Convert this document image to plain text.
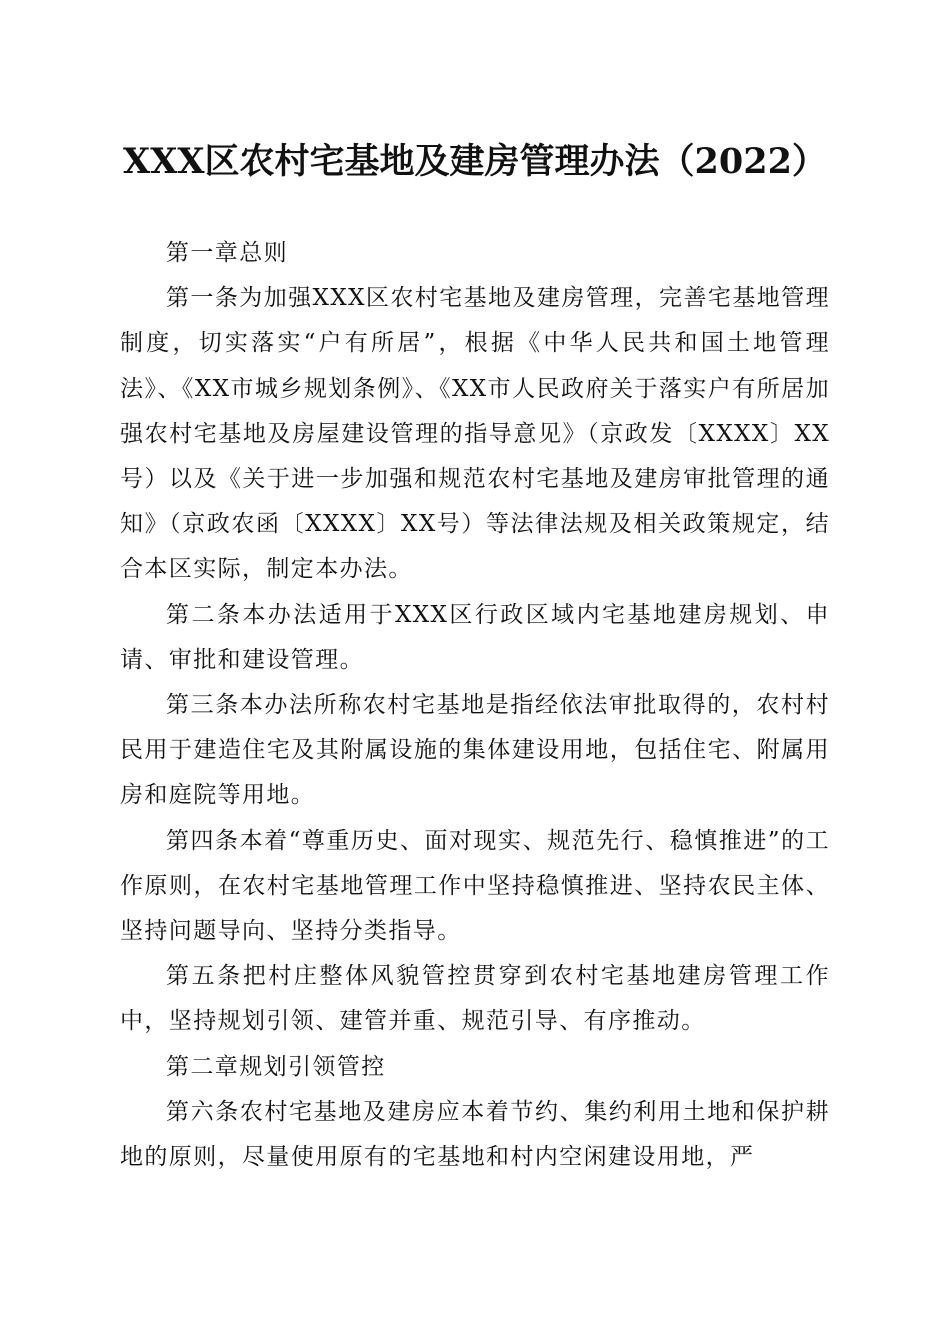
XXX区农村宅基地及建房管理办法（2022）

第一章总则

第一条为加强XXX区农村宅基地及建房管理，完善宅基地管理制度，切实落实“户有所居”，根据《中华人民共和国土地管理法》、《XX市城乡规划条例》、《XX市人民政府关于落实户有所居加强农村宅基地及房屋建设管理的指导意见》（京政发〔XXXX〕XX号）以及《关于进一步加强和规范农村宅基地及建房审批管理的通知》（京政农函〔XXXX〕XX号）等法律法规及相关政策规定，结合本区实际，制定本办法。

第二条本办法适用于XXX区行政区域内宅基地建房规划、申请、审批和建设管理。

第三条本办法所称农村宅基地是指经依法审批取得的，农村村民用于建造住宅及其附属设施的集体建设用地，包括住宅、附属用房和庭院等用地。

第四条本着“尊重历史、面对现实、规范先行、稳慎推进”的工作原则，在农村宅基地管理工作中坚持稳慎推进、坚持农民主体、坚持问题导向、坚持分类指导。

第五条把村庄整体风貌管控贯穿到农村宅基地建房管理工作中，坚持规划引领、建管并重、规范引导、有序推动。

第二章规划引领管控

第六条农村宅基地及建房应本着节约、集约利用土地和保护耕地的原则，尽量使用原有的宅基地和村内空闲建设用地，严
